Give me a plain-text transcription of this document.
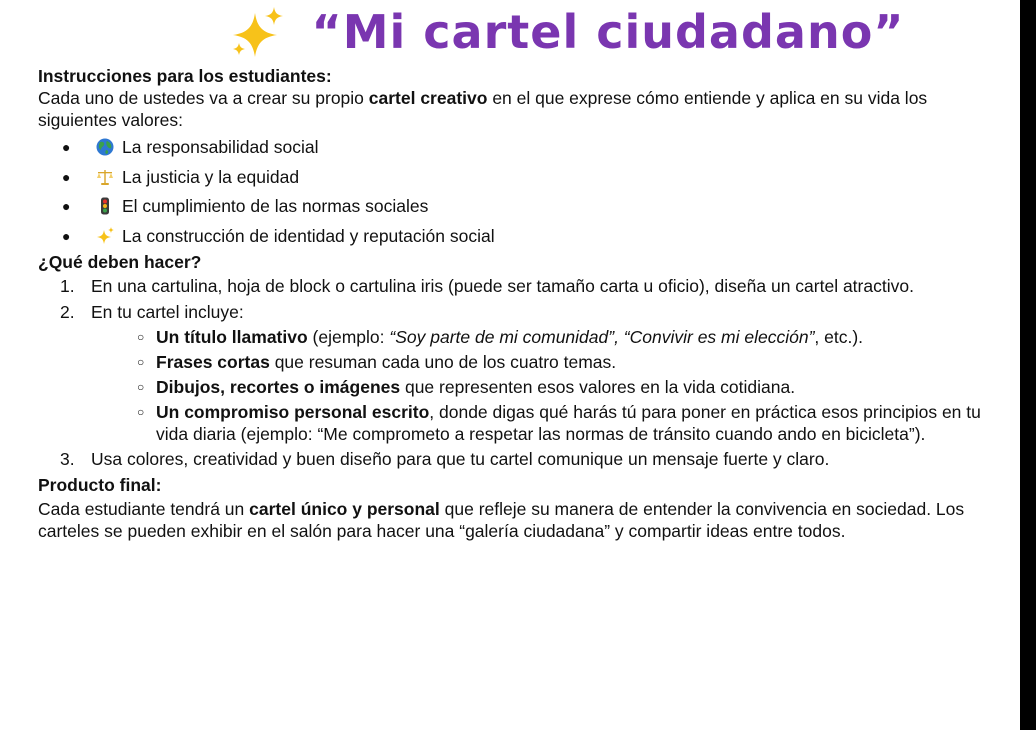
“Mi cartel ciudadano”
Instrucciones para los estudiantes:

Cada uno de ustedes va a crear su propio cartel creativo en el que exprese cómo entiende y aplica en su vida los siguientes valores:

●	La responsabilidad social
●	La justicia y la equidad
●	El cumplimiento de las normas sociales
●	La construcción de identidad y reputación social
¿Qué deben hacer?
1. En una cartulina, hoja de block o cartulina iris (puede ser tamaño carta u oficio), diseña un cartel atractivo.
2. En tu cartel incluye:
○ Un título llamativo (ejemplo: “Soy parte de mi comunidad”, “Convivir es mi elección”, etc.).
○ Frases cortas que resuman cada uno de los cuatro temas.
○ Dibujos, recortes o imágenes que representen esos valores en la vida cotidiana.
○ Un compromiso personal escrito, donde digas qué harás tú para poner en práctica esos principios en tu vida diaria (ejemplo: “Me comprometo a respetar las normas de tránsito cuando ando en bicicleta”).
3. Usa colores, creatividad y buen diseño para que tu cartel comunique un mensaje fuerte y claro.
Producto final:

Cada estudiante tendrá un cartel único y personal que refleje su manera de entender la convivencia en sociedad. Los carteles se pueden exhibir en el salón para hacer una “galería ciudadana” y compartir ideas entre todos.
